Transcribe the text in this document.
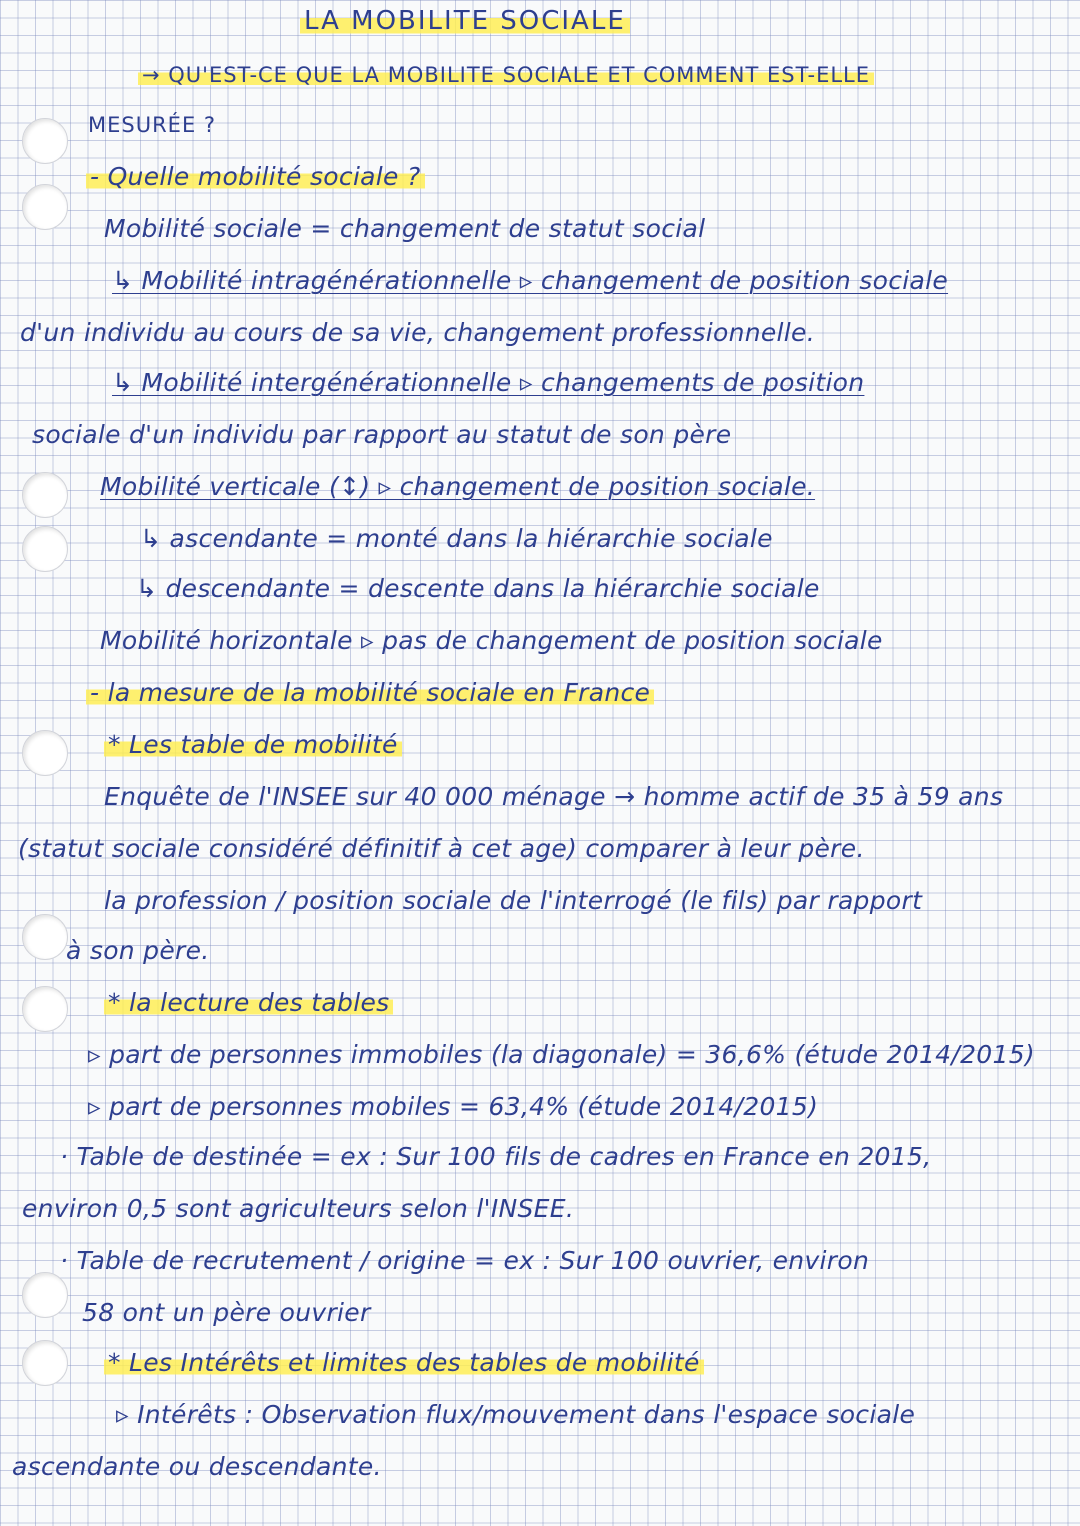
LA MOBILITE SOCIALE
→ QU'EST-CE QUE LA MOBILITE SOCIALE ET COMMENT EST-ELLE
MESURÉE ?
- Quelle mobilité sociale ?
Mobilité sociale = changement de statut social
↳ Mobilité intragénérationnelle ▹ changement de position sociale
d'un individu au cours de sa vie, changement professionnelle.
↳ Mobilité intergénérationnelle ▹ changements de position
sociale d'un individu par rapport au statut de son père
Mobilité verticale (↕) ▹ changement de position sociale.
↳ ascendante = monté dans la hiérarchie sociale
↳ descendante = descente dans la hiérarchie sociale
Mobilité horizontale ▹ pas de changement de position sociale
- la mesure de la mobilité sociale en France
* Les table de mobilité
Enquête de l'INSEE sur 40 000 ménage → homme actif de 35 à 59 ans
(statut sociale considéré définitif à cet age) comparer à leur père.
la profession / position sociale de l'interrogé (le fils) par rapport
à son père.
* la lecture des tables
▹ part de personnes immobiles (la diagonale) = 36,6% (étude 2014/2015)
▹ part de personnes mobiles = 63,4% (étude 2014/2015)
· Table de destinée = ex : Sur 100 fils de cadres en France en 2015,
environ 0,5 sont agriculteurs selon l'INSEE.
· Table de recrutement / origine = ex : Sur 100 ouvrier, environ
58 ont un père ouvrier
* Les Intérêts et limites des tables de mobilité
▹ Intérêts : Observation flux/mouvement dans l'espace sociale
ascendante ou descendante.
